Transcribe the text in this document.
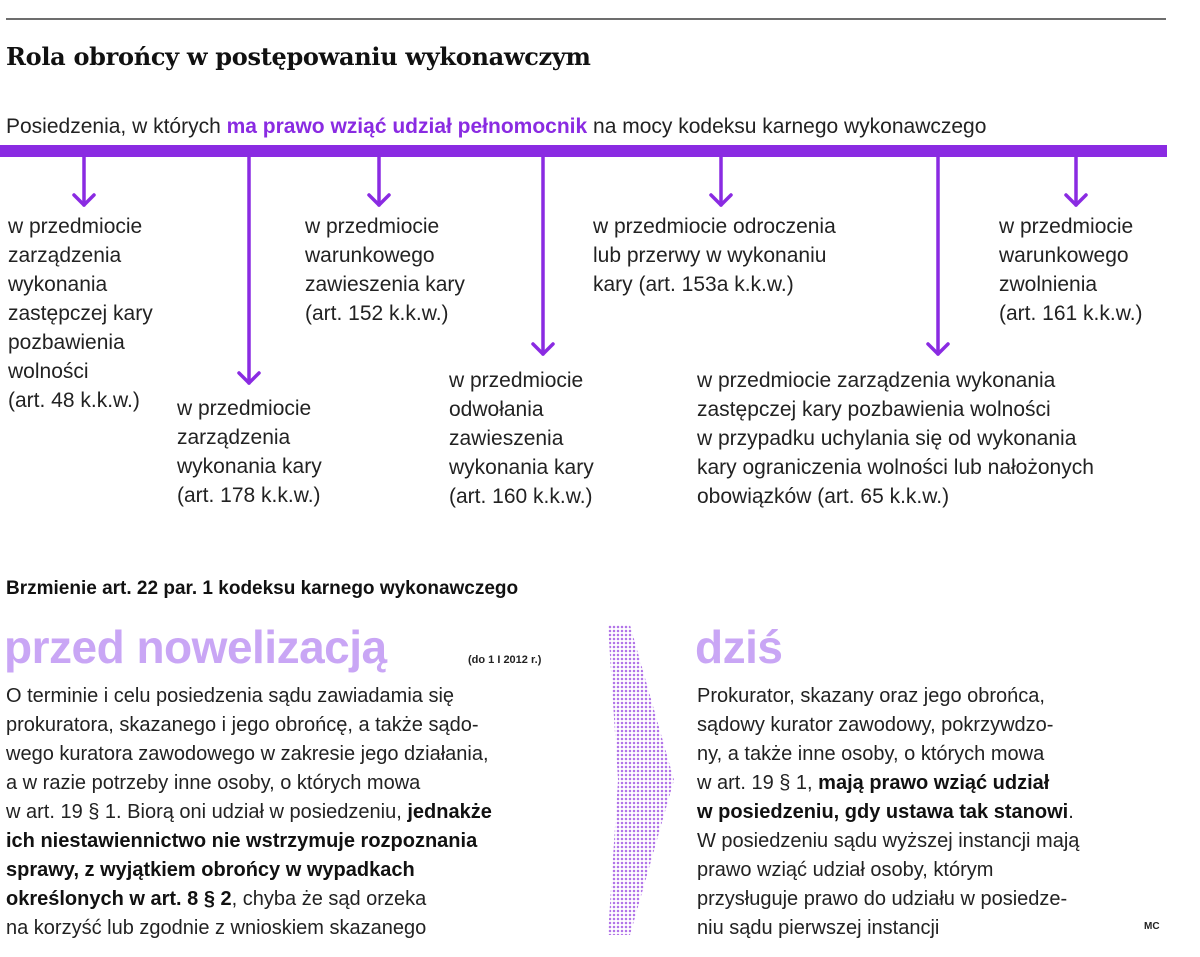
Rola obrońcy w postępowaniu wykonawczym
Posiedzenia, w których ma prawo wziąć udział pełnomocnik na mocy kodeksu karnego wykonawczego
w przedmiocie
zarządzenia
wykonania
zastępczej kary
pozbawienia
wolności
(art. 48 k.k.w.)	w przedmiocie
zarządzenia
wykonania kary
(art. 178 k.k.w.)
w przedmiocie
warunkowego
zawieszenia kary
(art. 152 k.k.w.)
w przedmiocie
odwołania
zawieszenia
wykonania kary
(art. 160 k.k.w.)
w przedmiocie odroczenia
lub przerwy w wykonaniu
kary (art. 153a k.k.w.)
w przedmiocie zarządzenia wykonania
zastępczej kary pozbawienia wolności
w przypadku uchylania się od wykonania
kary ograniczenia wolności lub nałożonych
obowiązków (art. 65 k.k.w.)
w przedmiocie
warunkowego
zwolnienia
(art. 161 k.k.w.)
Brzmienie art. 22 par. 1 kodeksu karnego wykonawczego
przed nowelizacją	(do 1 I 2012 r.)
O terminie i celu posiedzenia sądu zawiadamia się
prokuratora, skazanego i jego obrońcę, a także sądo-
wego kuratora zawodowego w zakresie jego działania,
a w razie potrzeby inne osoby, o których mowa
w art. 19 § 1. Biorą oni udział w posiedzeniu, jednakże
ich niestawiennictwo nie wstrzymuje rozpoznania
sprawy, z wyjątkiem obrońcy w wypadkach
określonych w art. 8 § 2, chyba że sąd orzeka
na korzyść lub zgodnie z wnioskiem skazanego
dziś
Prokurator, skazany oraz jego obrońca,
sądowy kurator zawodowy, pokrzywdzo-
ny, a także inne osoby, o których mowa
w art. 19 § 1, mają prawo wziąć udział
w posiedzeniu, gdy ustawa tak stanowi.
W posiedzeniu sądu wyższej instancji mają
prawo wziąć udział osoby, którym
przysługuje prawo do udziału w posiedze-
niu sądu pierwszej instancji	MC
